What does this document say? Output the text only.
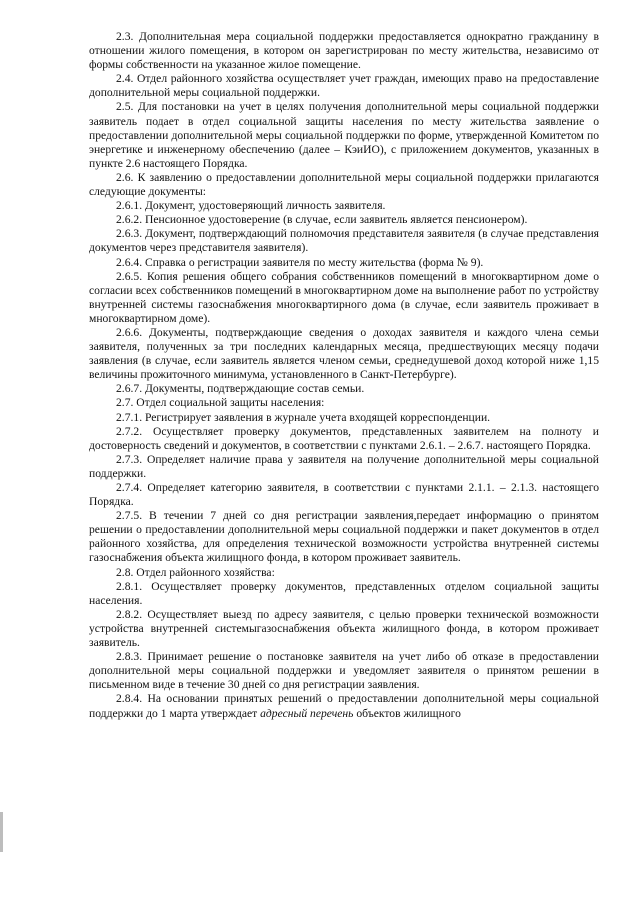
2.3. Дополнительная мера социальной поддержки предоставляется однократно гражданину в отношении жилого помещения, в котором он зарегистрирован по месту жительства, независимо от формы собственности на указанное жилое помещение.

2.4. Отдел районного хозяйства осуществляет учет граждан, имеющих право на предоставление дополнительной меры социальной поддержки.

2.5. Для постановки на учет в целях получения дополнительной меры социальной поддержки заявитель подает в отдел социальной защиты населения по месту жительства заявление о предоставлении дополнительной меры социальной поддержки по форме, утвержденной Комитетом по энергетике и инженерному обеспечению (далее – КэиИО), с приложением документов, указанных в пункте 2.6 настоящего Порядка.

2.6. К заявлению о предоставлении дополнительной меры социальной поддержки прилагаются следующие документы:

2.6.1. Документ, удостоверяющий личность заявителя.

2.6.2. Пенсионное удостоверение (в случае, если заявитель является пенсионером).

2.6.3. Документ, подтверждающий полномочия представителя заявителя (в случае представления документов через представителя заявителя).

2.6.4. Справка о регистрации заявителя по месту жительства (форма № 9).

2.6.5. Копия решения общего собрания собственников помещений в многоквартирном доме о согласии всех собственников помещений в многоквартирном доме на выполнение работ по устройству внутренней системы газоснабжения многоквартирного дома (в случае, если заявитель проживает в многоквартирном доме).

2.6.6. Документы, подтверждающие сведения о доходах заявителя и каждого члена семьи заявителя, полученных за три последних календарных месяца, предшествующих месяцу подачи заявления (в случае, если заявитель является членом семьи, среднедушевой доход которой ниже 1,15 величины прожиточного минимума, установленного в Санкт-Петербурге).

2.6.7. Документы, подтверждающие состав семьи.

2.7. Отдел социальной защиты населения:

2.7.1. Регистрирует заявления в журнале учета входящей корреспонденции.

2.7.2. Осуществляет проверку документов, представленных заявителем на полноту и достоверность сведений и документов, в соответствии с пунктами 2.6.1. – 2.6.7. настоящего Порядка.

2.7.3. Определяет наличие права у заявителя на получение дополнительной меры социальной поддержки.

2.7.4. Определяет категорию заявителя, в соответствии с пунктами 2.1.1. – 2.1.3. настоящего Порядка.

2.7.5. В течении 7 дней со дня регистрации заявления,передает информацию о принятом решении о предоставлении дополнительной меры социальной поддержки и пакет документов в отдел районного хозяйства, для определения технической возможности устройства внутренней системы газоснабжения объекта жилищного фонда, в котором проживает заявитель.

2.8. Отдел районного хозяйства:

2.8.1. Осуществляет проверку документов, представленных отделом социальной защиты населения.

2.8.2. Осуществляет выезд по адресу заявителя, с целью проверки технической возможности устройства внутренней системыгазоснабжения объекта жилищного фонда, в котором проживает заявитель.

2.8.3. Принимает решение о постановке заявителя на учет либо об отказе в предоставлении дополнительной меры социальной поддержки и уведомляет заявителя о принятом решении в письменном виде в течение 30 дней со дня регистрации заявления.

2.8.4. На основании принятых решений о предоставлении дополнительной меры социальной поддержки до 1 марта утверждает адресный перечень объектов жилищного
